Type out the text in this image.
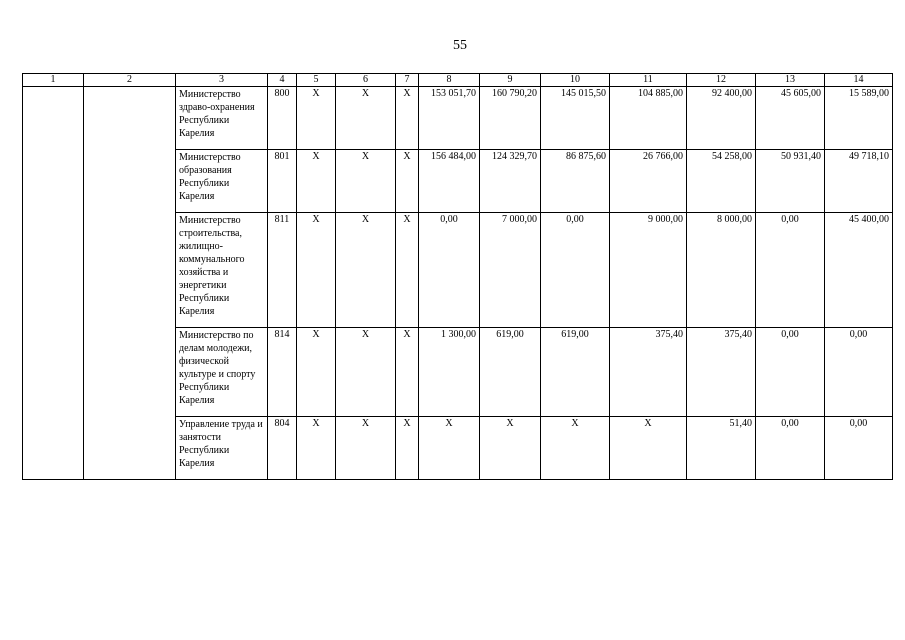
55
1	2	3	4	5	6	7	8	9	10	11	12	13	14
		Министерство здраво-охранения Республики Карелия	800	X	X	X	153 051,70	160 790,20	145 015,50	104 885,00	92 400,00	45 605,00	15 589,00
		Министерство образования Республики Карелия	801	X	X	X	156 484,00	124 329,70	86 875,60	26 766,00	54 258,00	50 931,40	49 718,10
		Министерство строительства, жилищно-коммунального хозяйства и энергетики Республики Карелия	811	X	X	X	0,00	7 000,00	0,00	9 000,00	8 000,00	0,00	45 400,00
		Министерство по делам молодежи, физической культуре и спорту Республики Карелия	814	X	X	X	1 300,00	619,00	619,00	375,40	375,40	0,00	0,00
		Управление труда и занятости Республики Карелия	804	X	X	X	X	X	X	X	51,40	0,00	0,00
